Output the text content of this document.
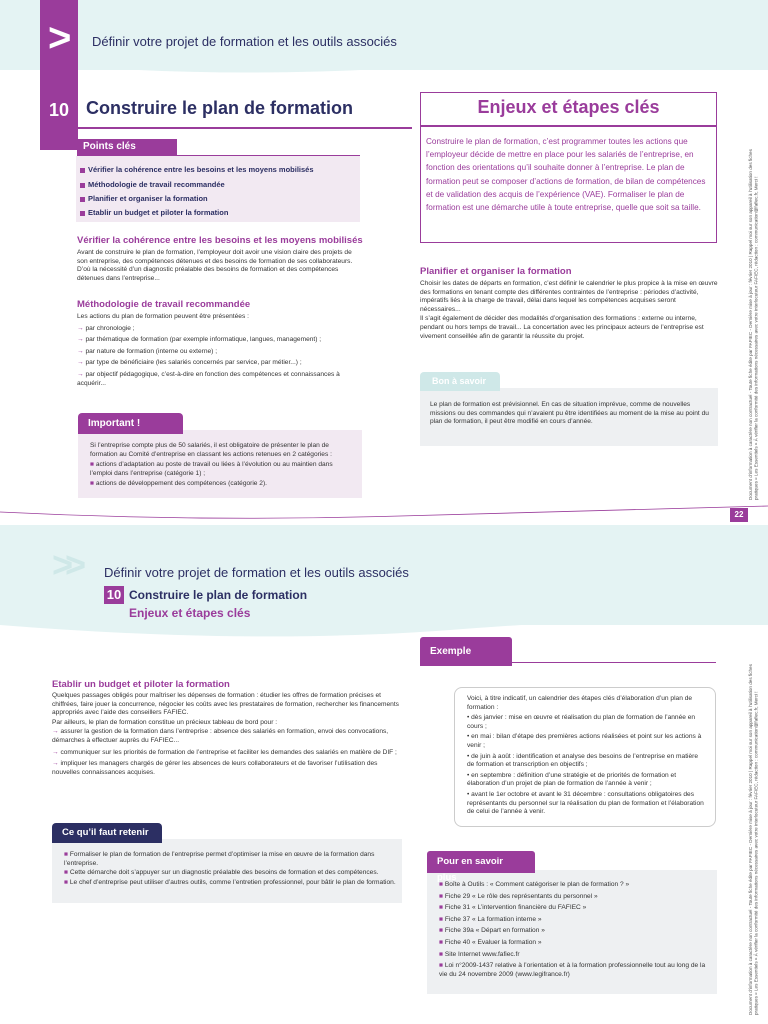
> Définir votre projet de formation et les outils associés
10 Construire le plan de formation	Enjeux et étapes clés
Construire le plan de formation, c’est programmer toutes les actions que l’employeur décide de mettre en place pour les salariés de l’entreprise, en fonction des orientations qu’il souhaite donner à l’entreprise. Le plan de formation peut se composer d’actions de formation, de bilan de compétences et de validation des acquis de l’expérience (VAE). Formaliser le plan de formation est une démarche utile à toute entreprise, quelle que soit sa taille.
Points clés
Vérifier la cohérence entre les besoins et les moyens mobilisés
Méthodologie de travail recommandée
Planifier et organiser la formation
Etablir un budget et piloter la formation
Vérifier la cohérence entre les besoins et les moyens mobilisés
Avant de construire le plan de formation, l’employeur doit avoir une vision claire des projets de son entreprise, des compétences détenues et des besoins de formation de ses collaborateurs. D’où la nécessité d’un diagnostic préalable des besoins de formation et des compétences détenues dans l’entreprise...
Méthodologie de travail recommandée

Les actions du plan de formation peuvent être présentées :

→ par chronologie ;
→ par thématique de formation (par exemple informatique, langues, management) ;
→ par nature de formation (interne ou externe) ;
→ par type de bénéficiaire (les salariés concernés par service, par métier...) ;
→ par objectif pédagogique, c’est-à-dire en fonction des compétences et connaissances à acquérir...
Important !

Si l’entreprise compte plus de 50 salariés, il est obligatoire de présenter le plan de formation au Comité d’entreprise en classant les actions retenues en 2 catégories :

■ actions d’adaptation au poste de travail ou liées à l’évolution ou au maintien dans l’emploi dans l’entreprise (catégorie 1) ;

■ actions de développement des compétences (catégorie 2).

Planifier et organiser la formation

Choisir les dates de départs en formation, c’est définir le calendrier le plus propice à la mise en œuvre des formations en tenant compte des différentes contraintes de l’entreprise : périodes d’activité, impératifs liés à la charge de travail, délai dans lequel les compétences acquises seront nécessaires...

Il s’agit également de décider des modalités d’organisation des formations : externe ou interne, pendant ou hors temps de travail... La concertation avec les principaux acteurs de l’entreprise est vivement conseillée afin de garantir la réussite du projet.

Bon à savoir
Le plan de formation est prévisionnel. En cas de situation imprévue, comme de nouvelles missions ou des commandes qui n’avaient pu être identifiées au moment de la mise au point du plan de formation, il peut être modifié en cours d’année.	Document d’information à caractère non contractuel - Toute fiche édite par FAFIEC - Dernière mise à jour : février 2010 | Rappel moi sur son appareil à l’utilisation des fiches pratiques « Les Essentiels » À vérifier la conformité des informations nécessaires avec votre interlocuteur FAFIEC, rédaction : communication@fafiec.fr, Merci !
22
>> Définir votre projet de formation et les outils associés
10 Construire le plan de formation
Enjeux et étapes clés
Etablir un budget et piloter la formation

Quelques passages obligés pour maîtriser les dépenses de formation : étudier les offres de formation précises et chiffrées, faire jouer la concurrence, négocier les coûts avec les prestataires de formation, rechercher les financements appropriés avec l’aide des conseillers FAFIEC.

Par ailleurs, le plan de formation constitue un précieux tableau de bord pour :

→ assurer la gestion de la formation dans l’entreprise : absence des salariés en formation, envoi des convocations, démarches à effectuer auprès du FAFIEC...
→ communiquer sur les priorités de formation de l’entreprise et faciliter les demandes des salariés en matière de DIF ;
→ impliquer les managers chargés de gérer les absences de leurs collaborateurs et de favoriser l’utilisation des nouvelles connaissances acquises.
Exemple

Voici, à titre indicatif, un calendrier des étapes clés d’élaboration d’un plan de formation :

• dès janvier : mise en œuvre et réalisation du plan de formation de l’année en cours ;

• en mai : bilan d’étape des premières actions réalisées et point sur les actions à venir ;

• de juin à août : identification et analyse des besoins de l’entreprise en matière de formation et transcription en objectifs ;

• en septembre : définition d’une stratégie et de priorités de formation et élaboration d’un projet de plan de formation de l’année à venir ;

• avant le 1er octobre et avant le 31 décembre : consultations obligatoires des représentants du personnel sur la réalisation du plan de formation et l’élaboration de celui de l’année à venir.

Ce qu’il faut retenir

■ Formaliser le plan de formation de l’entreprise permet d’optimiser la mise en œuvre de la formation dans l’entreprise.

■ Cette démarche doit s’appuyer sur un diagnostic préalable des besoins de formation et des compétences.

■ Le chef d’entreprise peut utiliser d’autres outils, comme l’entretien professionnel, pour bâtir le plan de formation.

Pour en savoir plus

■ Boîte à Outils : « Comment catégoriser le plan de formation ? »

■ Fiche 29 « Le rôle des représentants du personnel »

■ Fiche 31 « L’intervention financière du FAFIEC »

■ Fiche 37 « La formation interne »

■ Fiche 39a « Départ en formation »

■ Fiche 40 « Evaluer la formation »

■ Site Internet www.fafiec.fr

■ Loi n°2009-1437 relative à l’orientation et à la formation professionnelle tout au long de la vie du 24 novembre 2009 (www.legifrance.fr)	Document d’information à caractère non contractuel - Toute fiche édite par FAFIEC - Dernière mise à jour : février 2010 | Rappel moi sur son appareil à l’utilisation des fiches pratiques « Les Essentiels » À vérifier la conformité des informations nécessaires avec votre interlocuteur FAFIEC, rédaction : communication@fafiec.fr, Merci !
